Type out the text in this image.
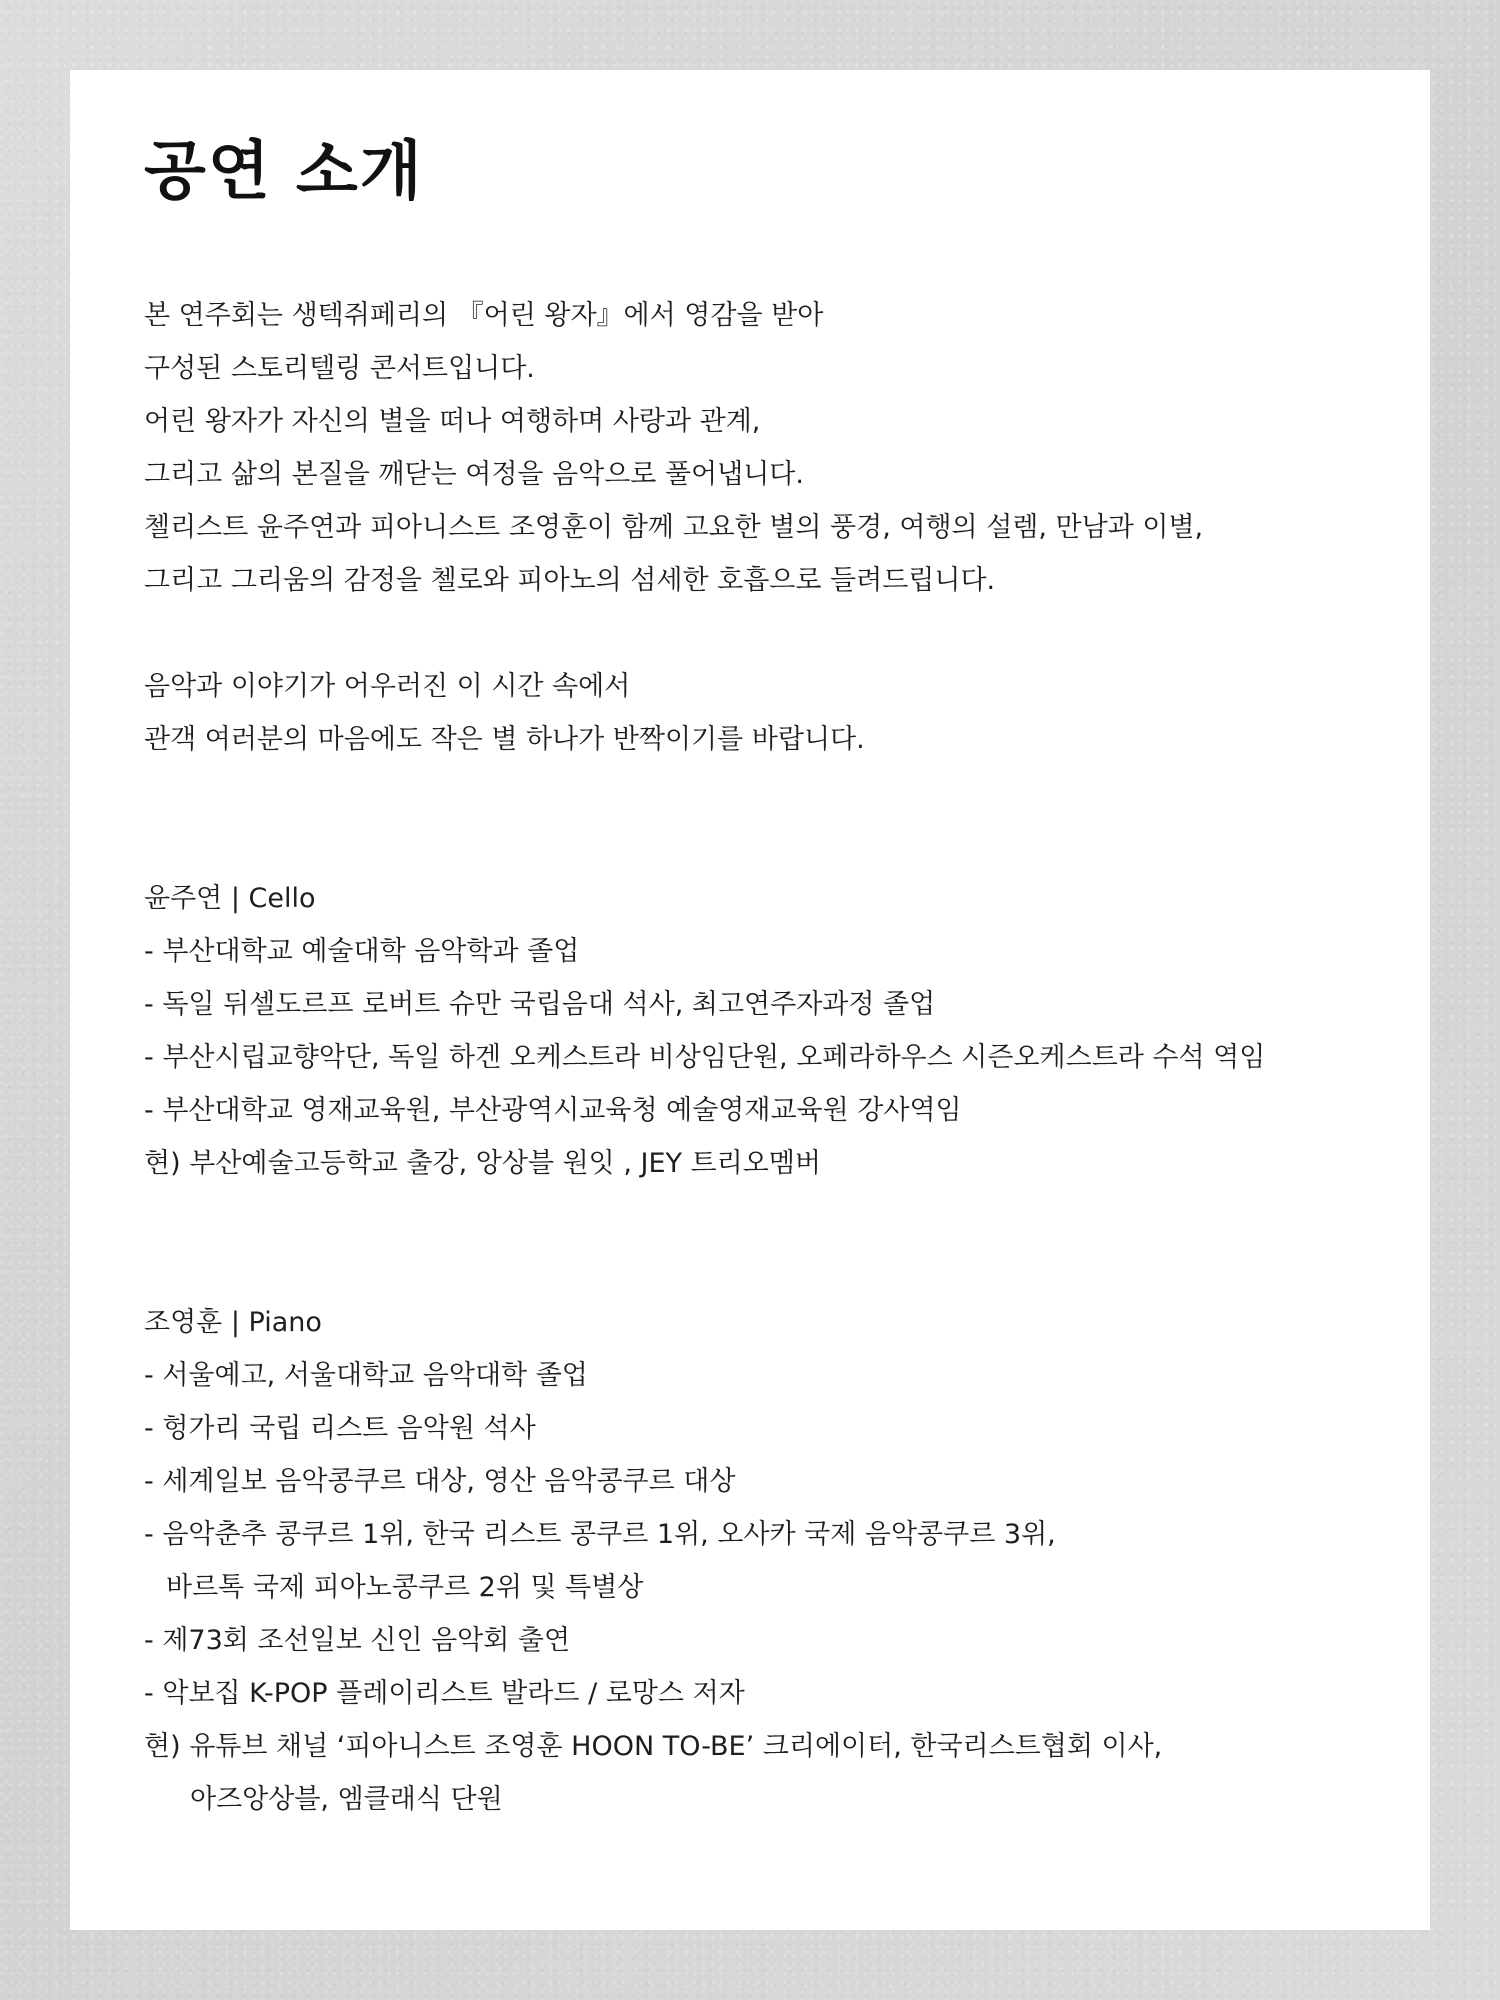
공연 소개
본 연주회는 생텍쥐페리의 『어린 왕자』에서 영감을 받아
구성된 스토리텔링 콘서트입니다.
어린 왕자가 자신의 별을 떠나 여행하며 사랑과 관계,
그리고 삶의 본질을 깨닫는 여정을 음악으로 풀어냅니다.
첼리스트 윤주연과 피아니스트 조영훈이 함께 고요한 별의 풍경, 여행의 설렘, 만남과 이별,
그리고 그리움의 감정을 첼로와 피아노의 섬세한 호흡으로 들려드립니다.
음악과 이야기가 어우러진 이 시간 속에서
관객 여러분의 마음에도 작은 별 하나가 반짝이기를 바랍니다.
윤주연 | Cello
- 부산대학교 예술대학 음악학과 졸업
- 독일 뒤셀도르프 로버트 슈만 국립음대 석사, 최고연주자과정 졸업
- 부산시립교향악단, 독일 하겐 오케스트라 비상임단원, 오페라하우스 시즌오케스트라 수석 역임
- 부산대학교 영재교육원, 부산광역시교육청 예술영재교육원 강사역임
현) 부산예술고등학교 출강, 앙상블 원잇 , JEY 트리오멤버
조영훈 | Piano
- 서울예고, 서울대학교 음악대학 졸업
- 헝가리 국립 리스트 음악원 석사
- 세계일보 음악콩쿠르 대상, 영산 음악콩쿠르 대상
- 음악춘추 콩쿠르 1위, 한국 리스트 콩쿠르 1위, 오사카 국제 음악콩쿠르 3위,
바르톡 국제 피아노콩쿠르 2위 및 특별상
- 제73회 조선일보 신인 음악회 출연
- 악보집 K-POP 플레이리스트 발라드 / 로망스 저자
현) 유튜브 채널 ‘피아니스트 조영훈 HOON TO-BE’ 크리에이터, 한국리스트협회 이사,
아즈앙상블, 엠클래식 단원
